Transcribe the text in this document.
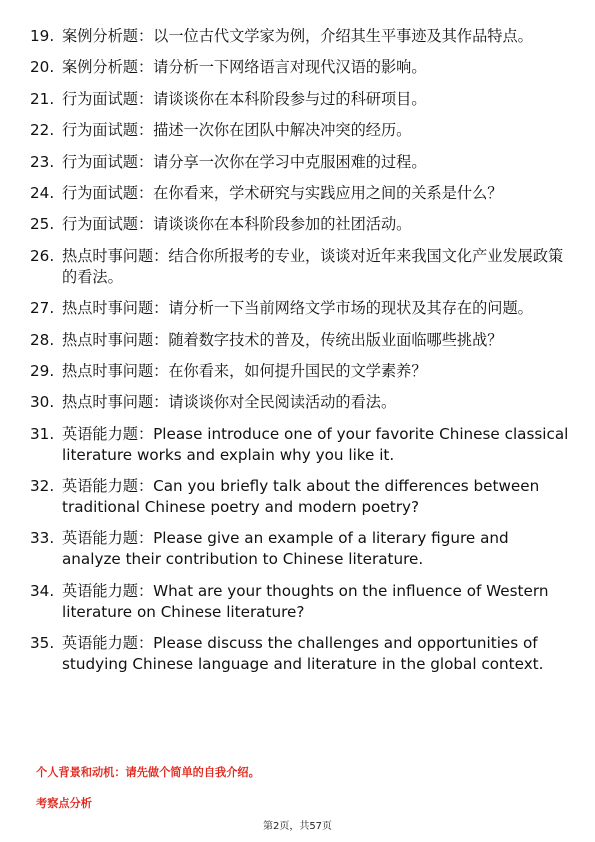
19. 案例分析题：以一位古代文学家为例，介绍其生平事迹及其作品特点。
20. 案例分析题：请分析一下网络语言对现代汉语的影响。
21. 行为面试题：请谈谈你在本科阶段参与过的科研项目。
22. 行为面试题：描述一次你在团队中解决冲突的经历。
23. 行为面试题：请分享一次你在学习中克服困难的过程。
24. 行为面试题：在你看来，学术研究与实践应用之间的关系是什么？
25. 行为面试题：请谈谈你在本科阶段参加的社团活动。
26. 热点时事问题：结合你所报考的专业，谈谈对近年来我国文化产业发展政策的看法。
27. 热点时事问题：请分析一下当前网络文学市场的现状及其存在的问题。
28. 热点时事问题：随着数字技术的普及，传统出版业面临哪些挑战？
29. 热点时事问题：在你看来，如何提升国民的文学素养？
30. 热点时事问题：请谈谈你对全民阅读活动的看法。
31. 英语能力题：Please introduce one of your favorite Chinese classical literature works and explain why you like it.
32. 英语能力题：Can you briefly talk about the differences between traditional Chinese poetry and modern poetry?
33. 英语能力题：Please give an example of a literary figure and analyze their contribution to Chinese literature.
34. 英语能力题：What are your thoughts on the influence of Western literature on Chinese literature?
35. 英语能力题：Please discuss the challenges and opportunities of studying Chinese language and literature in the global context.
个人背景和动机：请先做个简单的自我介绍。
考察点分析
第2页，共57页
